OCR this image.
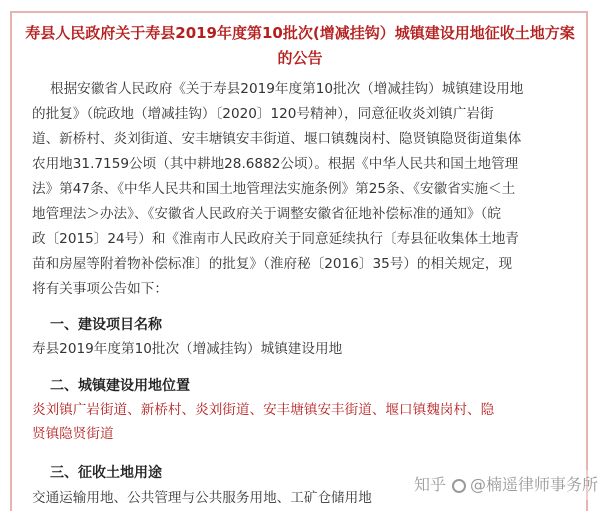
寿县人民政府关于寿县2019年度第10批次(增减挂钩）城镇建设用地征收土地方案
的公告
根据安徽省人民政府《关于寿县2019年度第10批次（增减挂钩）城镇建设用地
的批复》（皖政地（增减挂钩）〔2020〕120号精神），同意征收炎刘镇广岩街
道、新桥村、炎刘街道、安丰塘镇安丰街道、堰口镇魏岗村、隐贤镇隐贤街道集体
农用地31.7159公顷（其中耕地28.6882公顷）。根据《中华人民共和国土地管理
法》第47条、《中华人民共和国土地管理法实施条例》第25条、《安徽省实施＜土
地管理法＞办法》、《安徽省人民政府关于调整安徽省征地补偿标准的通知》（皖
政〔2015〕24号）和《淮南市人民政府关于同意延续执行〔寿县征收集体土地青
苗和房屋等附着物补偿标准〕的批复》（淮府秘〔2016〕35号）的相关规定，现
将有关事项公告如下：
一、建设项目名称
寿县2019年度第10批次（增减挂钩）城镇建设用地
二、城镇建设用地位置
炎刘镇广岩街道、新桥村、炎刘街道、安丰塘镇安丰街道、堰口镇魏岗村、隐
贤镇隐贤街道
三、征收土地用途
交通运输用地、公共管理与公共服务用地、工矿仓储用地
知乎 @楠遥律师事务所
